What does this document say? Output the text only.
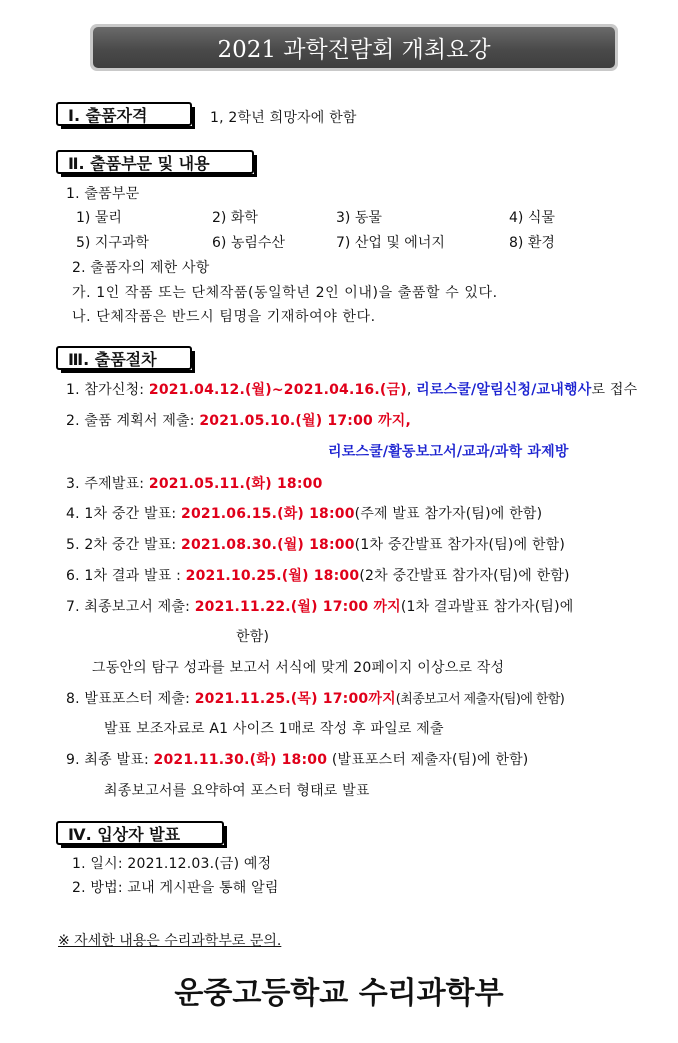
2021 과학전람회 개최요강
Ⅰ. 출품자격	1, 2학년 희망자에 한함
Ⅱ. 출품부문 및 내용
1. 출품부문
1) 물리	2) 화학	3) 동물	4) 식물
5) 지구과학	6) 농림수산	7) 산업 및 에너지	8) 환경
2. 출품자의 제한 사항
가. 1인 작품 또는 단체작품(동일학년 2인 이내)을 출품할 수 있다.
나. 단체작품은 반드시 팀명을 기재하여야 한다.
Ⅲ. 출품절차
1. 참가신청: 2021.04.12.(월)~2021.04.16.(금), 리로스쿨/알림신청/교내행사로 접수
2. 출품 계획서 제출: 2021.05.10.(월) 17:00 까지,
리로스쿨/활동보고서/교과/과학 과제방
3. 주제발표: 2021.05.11.(화) 18:00
4. 1차 중간 발표: 2021.06.15.(화) 18:00(주제 발표 참가자(팀)에 한함)
5. 2차 중간 발표: 2021.08.30.(월) 18:00(1차 중간발표 참가자(팀)에 한함)
6. 1차 결과 발표 : 2021.10.25.(월) 18:00(2차 중간발표 참가자(팀)에 한함)
7. 최종보고서 제출: 2021.11.22.(월) 17:00 까지(1차 결과발표 참가자(팀)에
한함)
그동안의 탐구 성과를 보고서 서식에 맞게 20페이지 이상으로 작성
8. 발표포스터 제출: 2021.11.25.(목) 17:00까지(최종보고서 제출자(팀)에 한함)
발표 보조자료로 A1 사이즈 1매로 작성 후 파일로 제출
9. 최종 발표: 2021.11.30.(화) 18:00 (발표포스터 제출자(팀)에 한함)
최종보고서를 요약하여 포스터 형태로 발표
Ⅳ. 입상자 발표
1. 일시: 2021.12.03.(금) 예정
2. 방법: 교내 게시판을 통해 알림
※ 자세한 내용은 수리과학부로 문의.
운중고등학교 수리과학부
